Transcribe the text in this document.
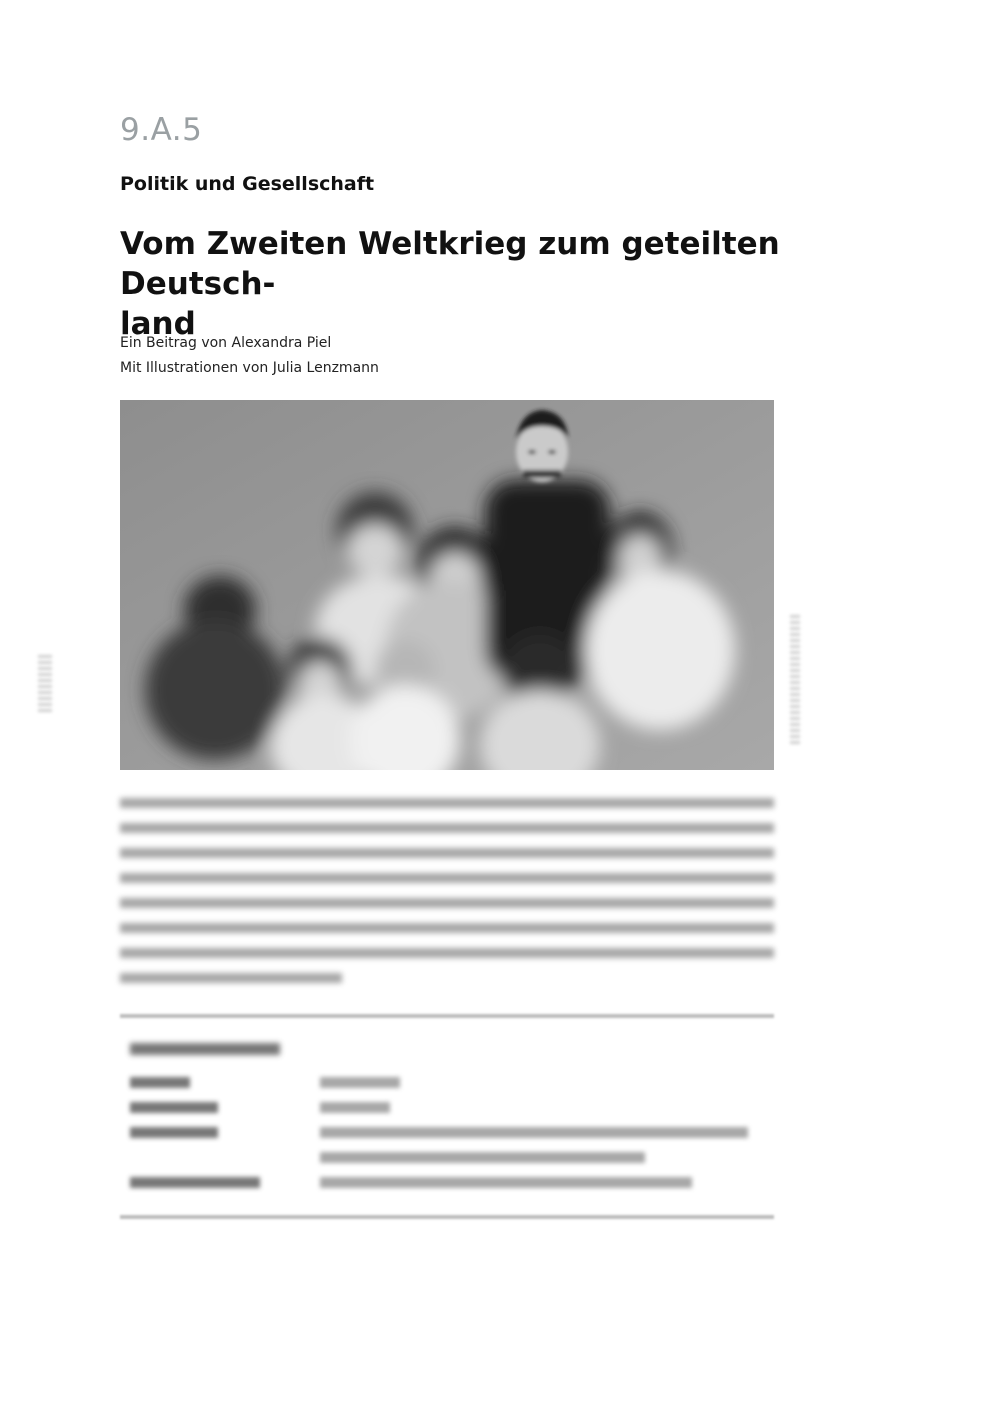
9.A.5
Politik und Gesellschaft
Vom Zweiten Weltkrieg zum geteilten Deutsch-
land
Ein Beitrag von Alexandra Piel
Mit Illustrationen von Julia Lenzmann
